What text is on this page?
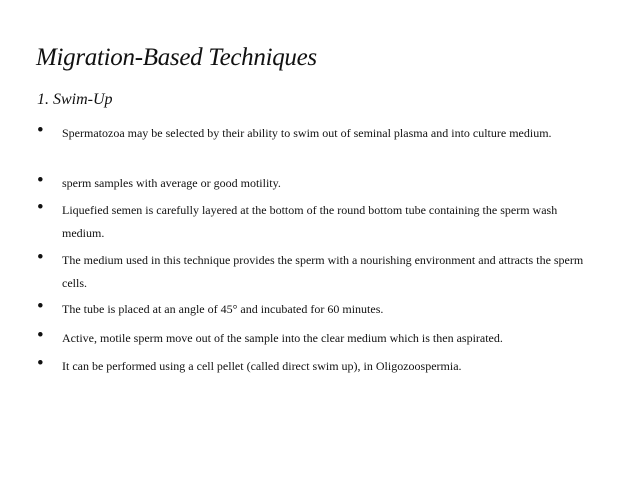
Migration-Based Techniques
1. Swim-Up
• Spermatozoa may be selected by their ability to swim out of seminal plasma and into culture medium.
• sperm samples with average or good motility.
• Liquefied semen is carefully layered at the bottom of the round bottom tube containing the sperm wash medium.
• The medium used in this technique provides the sperm with a nourishing environment and attracts the sperm cells.
• The tube is placed at an angle of 45° and incubated for 60 minutes.
• Active, motile sperm move out of the sample into the clear medium which is then aspirated.
• It can be performed using a cell pellet (called direct swim up), in Oligozoospermia.
